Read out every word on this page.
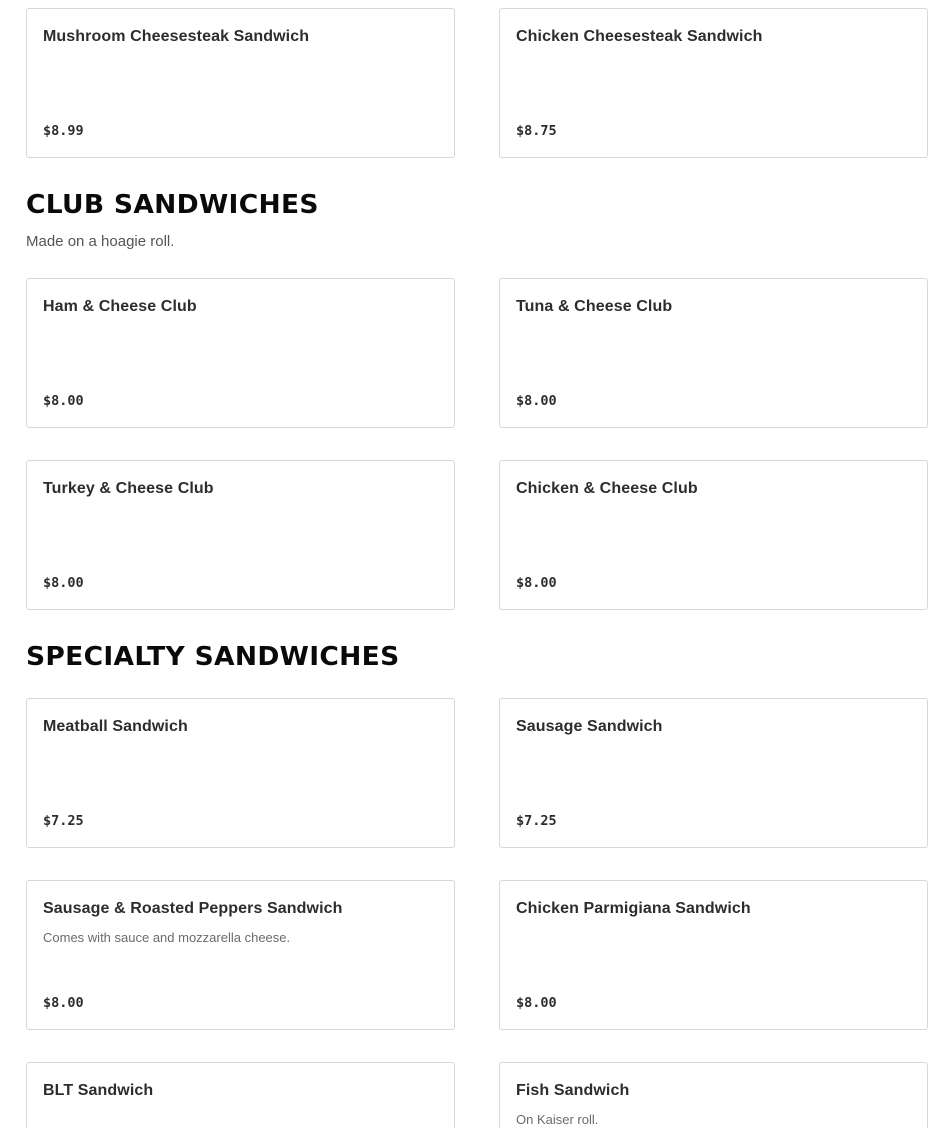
Mushroom Cheesesteak Sandwich
$8.99
Chicken Cheesesteak Sandwich
$8.75
CLUB SANDWICHES
Made on a hoagie roll.
Ham & Cheese Club
$8.00
Tuna & Cheese Club
$8.00
Turkey & Cheese Club
$8.00
Chicken & Cheese Club
$8.00
SPECIALTY SANDWICHES
Meatball Sandwich
$7.25
Sausage Sandwich
$7.25
Sausage & Roasted Peppers Sandwich
Comes with sauce and mozzarella cheese.
$8.00
Chicken Parmigiana Sandwich
$8.00
BLT Sandwich	Fish Sandwich
On Kaiser roll.
